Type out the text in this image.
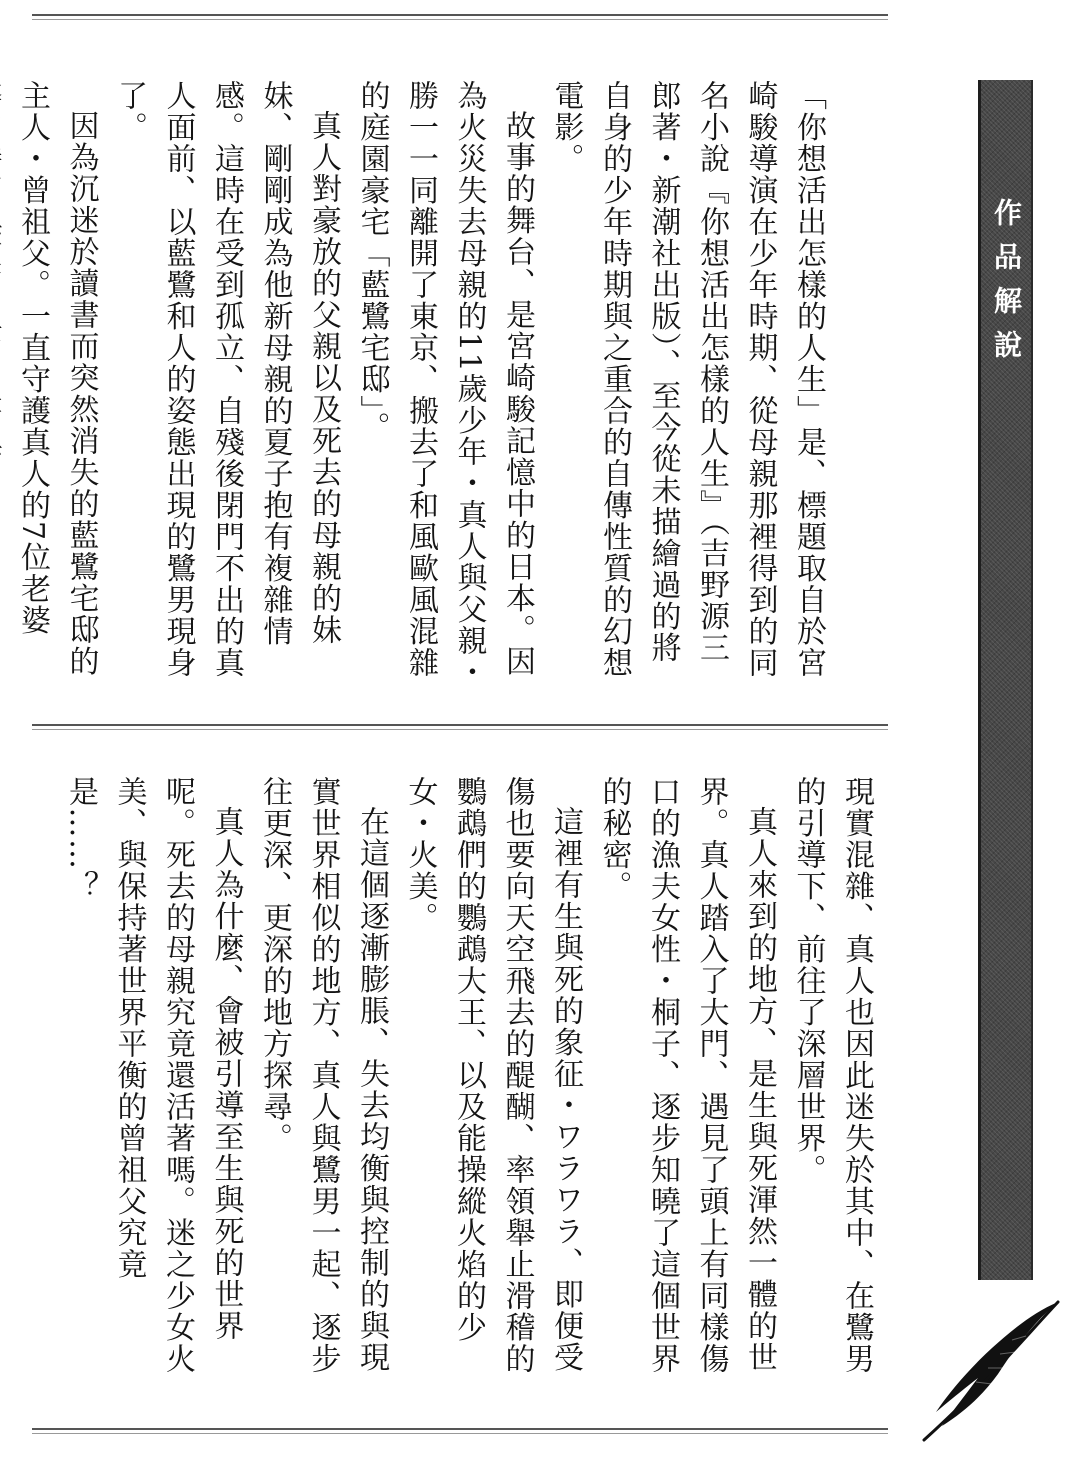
作品解說
「你想活出怎樣的人生」是、標題取自於宮崎駿導演在少年時期、從母親那裡得到的同名小說『你想活出怎樣的人生』（吉野源三郎著・新潮社出版）、至今從未描繪過的將自身的少年時期與之重合的自傳性質的幻想電影。
故事的舞台、是宮崎駿記憶中的日本。因為火災失去母親的11歲少年・真人與父親・勝一一同離開了東京、搬去了和風歐風混雜的庭園豪宅「藍鷺宅邸」。
真人對豪放的父親以及死去的母親的妹妹、剛剛成為他新母親的夏子抱有複雜情感。這時在受到孤立、自殘後閉門不出的真人面前、以藍鷺和人的姿態出現的鷺男現身了。
因為沉迷於讀書而突然消失的藍鷺宅邸的主人・曾祖父。一直守護真人的7位老婆
現實混雜、真人也因此迷失於其中、在鷺男的引導下、前往了深層世界。
真人來到的地方、是生與死渾然一體的世界。真人踏入了大門、遇見了頭上有同樣傷口的漁夫女性・桐子、逐步知曉了這個世界的秘密。
這裡有生與死的象征・ワラワラ、即便受傷也要向天空飛去的醍醐、率領舉止滑稽的鸚鵡們的鸚鵡大王、以及能操縱火焰的少女・火美。
在這個逐漸膨脹、失去均衡與控制的與現實世界相似的地方、真人與鷺男一起、逐步往更深、更深的地方探尋。
真人為什麼、會被引導至生與死的世界呢。死去的母親究竟還活著嗎。迷之少女火美、與保持著世界平衡的曾祖父究竟是……？
